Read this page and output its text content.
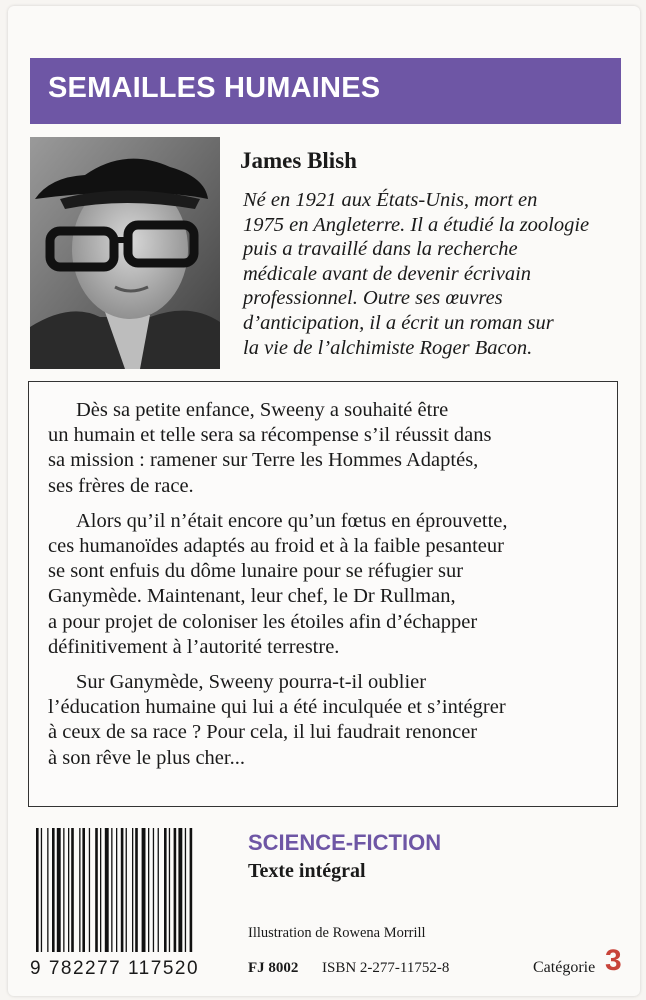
SEMAILLES HUMAINES
James Blish
Né en 1921 aux États-Unis, mort en
1975 en Angleterre. Il a étudié la zoologie
puis a travaillé dans la recherche
médicale avant de devenir écrivain
professionnel. Outre ses œuvres
d’anticipation, il a écrit un roman sur
la vie de l’alchimiste Roger Bacon.
Dès sa petite enfance, Sweeny a souhaité être
un humain et telle sera sa récompense s’il réussit dans
sa mission : ramener sur Terre les Hommes Adaptés,
ses frères de race.
Alors qu’il n’était encore qu’un fœtus en éprouvette,
ces humanoïdes adaptés au froid et à la faible pesanteur
se sont enfuis du dôme lunaire pour se réfugier sur
Ganymède. Maintenant, leur chef, le Dr Rullman,
a pour projet de coloniser les étoiles afin d’échapper
définitivement à l’autorité terrestre.
Sur Ganymède, Sweeny pourra-t-il oublier
l’éducation humaine qui lui a été inculquée et s’intégrer
à ceux de sa race ? Pour cela, il lui faudrait renoncer
à son rêve le plus cher...
9 782277 117520
SCIENCE-FICTION
Texte intégral
Illustration de Rowena Morrill
FJ 8002 ISBN 2-277-11752-8	Catégorie 3
